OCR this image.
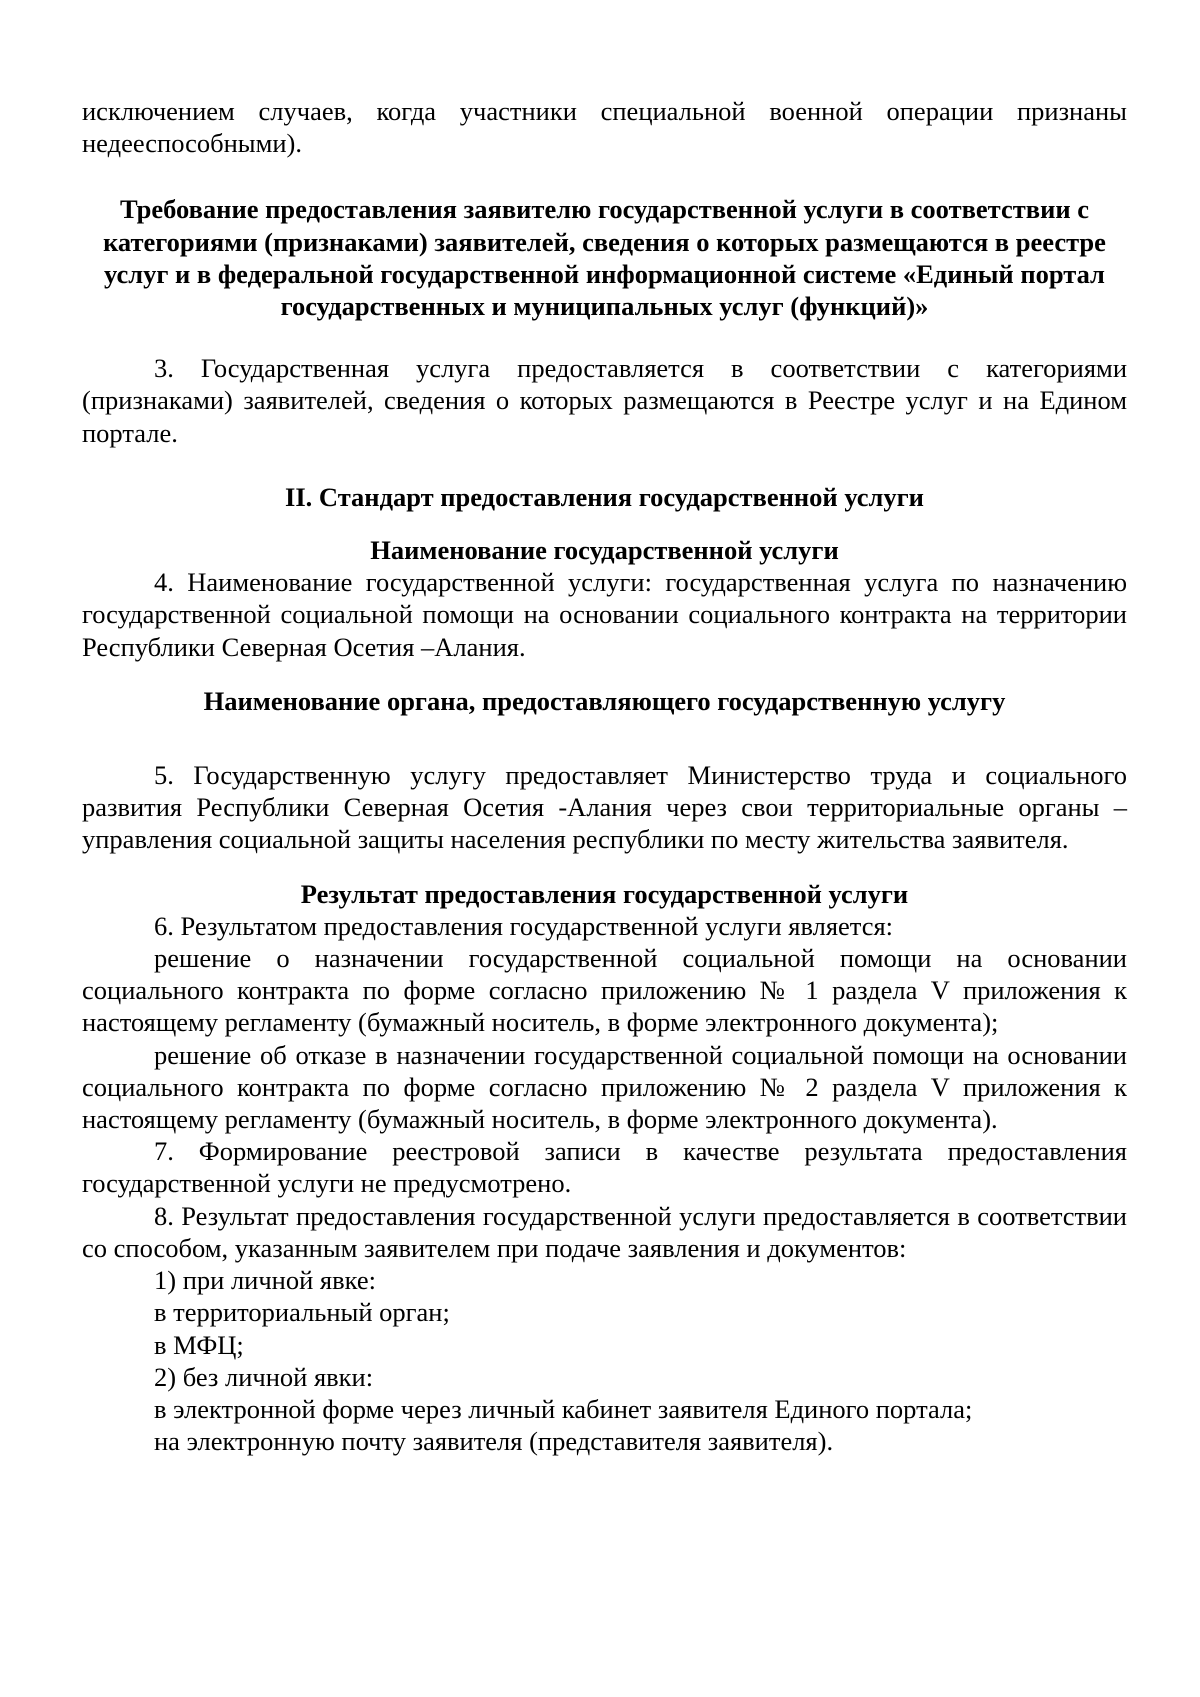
исключением случаев, когда участники специальной военной операции признаны недееспособными).

Требование предоставления заявителю государственной услуги в соответствии с категориями (признаками) заявителей, сведения о которых размещаются в реестре услуг и в федеральной государственной информационной системе «Единый портал государственных и муниципальных услуг (функций)»

3. Государственная услуга предоставляется в соответствии с категориями (признаками) заявителей, сведения о которых размещаются в Реестре услуг и на Едином портале.

II. Стандарт предоставления государственной услуги

Наименование государственной услуги

4. Наименование государственной услуги: государственная услуга по назначению государственной социальной помощи на основании социального контракта на территории Республики Северная Осетия –Алания.

Наименование органа, предоставляющего государственную услугу

5. Государственную услугу предоставляет Министерство труда и социального развития Республики Северная Осетия -Алания через свои территориальные органы – управления социальной защиты населения республики по месту жительства заявителя.

Результат предоставления государственной услуги

6. Результатом предоставления государственной услуги является:

решение о назначении государственной социальной помощи на основании социального контракта по форме согласно приложению № 1 раздела V приложения к настоящему регламенту (бумажный носитель, в форме электронного документа);

решение об отказе в назначении государственной социальной помощи на основании социального контракта по форме согласно приложению № 2 раздела V приложения к настоящему регламенту (бумажный носитель, в форме электронного документа).

7. Формирование реестровой записи в качестве результата предоставления государственной услуги не предусмотрено.

8. Результат предоставления государственной услуги предоставляется в соответствии со способом, указанным заявителем при подаче заявления и документов:

1) при личной явке:

в территориальный орган;

в МФЦ;

2) без личной явки:

в электронной форме через личный кабинет заявителя Единого портала;

на электронную почту заявителя (представителя заявителя).
